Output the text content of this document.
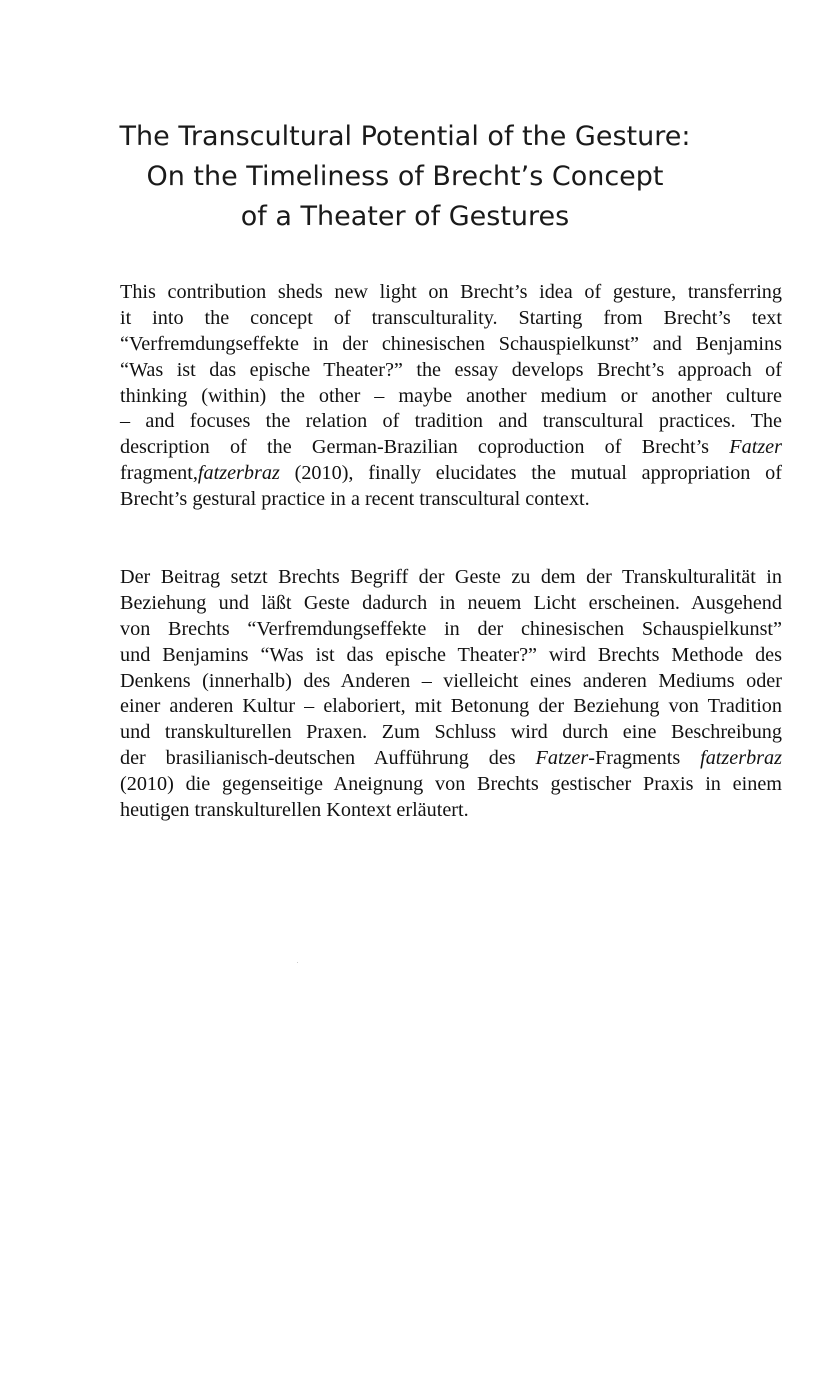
The Transcultural Potential of the Gesture:
On the Timeliness of Brecht’s Concept
of a Theater of Gestures
This contribution sheds new light on Brecht’s idea of gesture, transferring
it into the concept of transculturality. Starting from Brecht’s text
“Verfremdungseffekte in der chinesischen Schauspielkunst” and Benjamins
“Was ist das epische Theater?” the essay develops Brecht’s approach of
thinking (within) the other – maybe another medium or another culture
– and focuses the relation of tradition and transcultural practices. The
description of the German-Brazilian coproduction of Brecht’s Fatzer
fragment,fatzerbraz (2010), finally elucidates the mutual appropriation of
Brecht’s gestural practice in a recent transcultural context.
Der Beitrag setzt Brechts Begriff der Geste zu dem der Transkulturalität in
Beziehung und läßt Geste dadurch in neuem Licht erscheinen. Ausgehend
von Brechts “Verfremdungseffekte in der chinesischen Schauspielkunst”
und Benjamins “Was ist das epische Theater?” wird Brechts Methode des
Denkens (innerhalb) des Anderen – vielleicht eines anderen Mediums oder
einer anderen Kultur – elaboriert, mit Betonung der Beziehung von Tradition
und transkulturellen Praxen. Zum Schluss wird durch eine Beschreibung
der brasilianisch-deutschen Aufführung des Fatzer-Fragments fatzerbraz
(2010) die gegenseitige Aneignung von Brechts gestischer Praxis in einem
heutigen transkulturellen Kontext erläutert.
